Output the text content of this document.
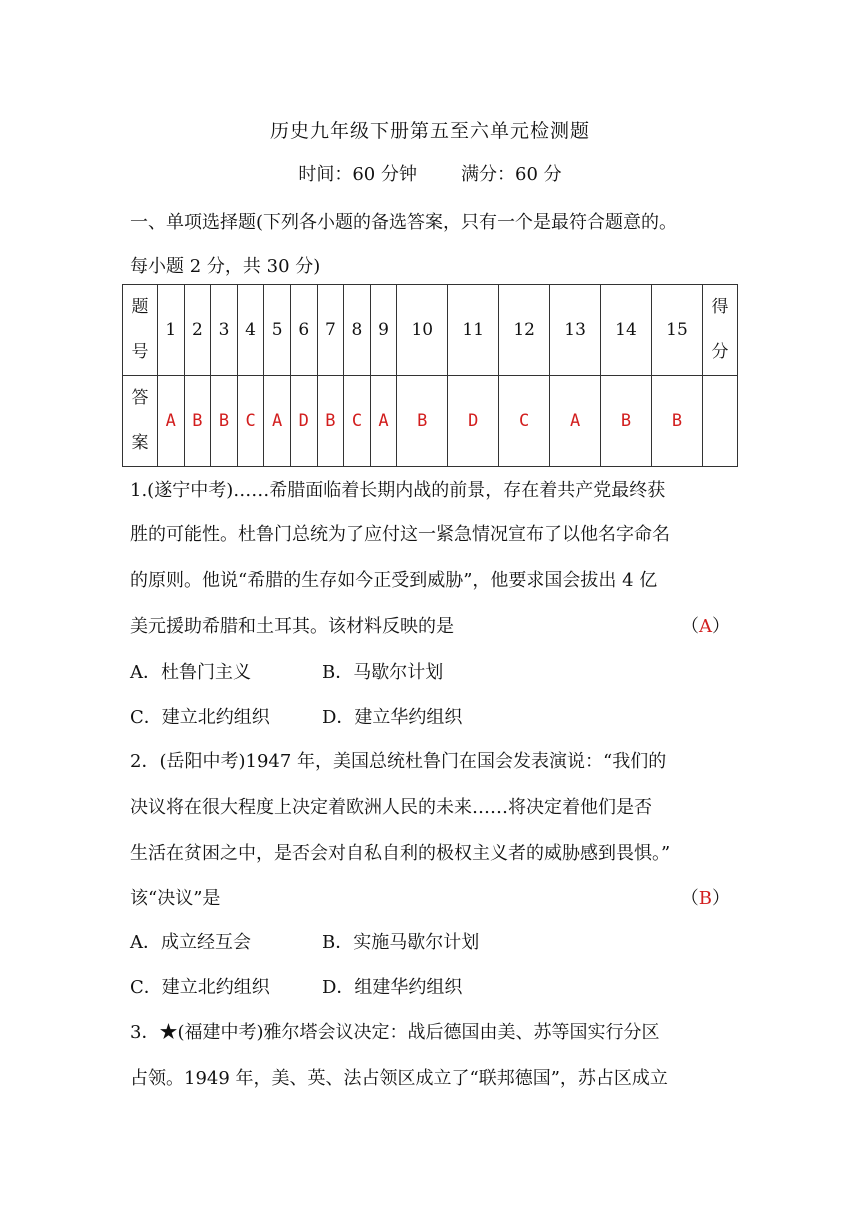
历史九年级下册第五至六单元检测题
时间：60 分钟 满分：60 分
一、单项选择题(下列各小题的备选答案，只有一个是最符合题意的。
每小题 2 分，共 30 分)
题
号	1	2	3	4	5	6	7	8	9	10	11	12	13	14	15	得
分
答
案	A	B	B	C	A	D	B	C	A	B	D	C	A	B	B	
1.(遂宁中考)……希腊面临着长期内战的前景，存在着共产党最终获
胜的可能性。杜鲁门总统为了应付这一紧急情况宣布了以他名字命名
的原则。他说“希腊的生存如今正受到威胁”，他要求国会拔出 4 亿
美元援助希腊和土耳其。该材料反映的是	（A）
A．杜鲁门主义	B．马歇尔计划
C．建立北约组织	D．建立华约组织
2．(岳阳中考)1947 年，美国总统杜鲁门在国会发表演说：“我们的
决议将在很大程度上决定着欧洲人民的未来……将决定着他们是否
生活在贫困之中，是否会对自私自利的极权主义者的威胁感到畏惧。”
该“决议”是	（B）
A．成立经互会	B．实施马歇尔计划
C．建立北约组织	D．组建华约组织
3．★(福建中考)雅尔塔会议决定：战后德国由美、苏等国实行分区
占领。1949 年，美、英、法占领区成立了“联邦德国”，苏占区成立
